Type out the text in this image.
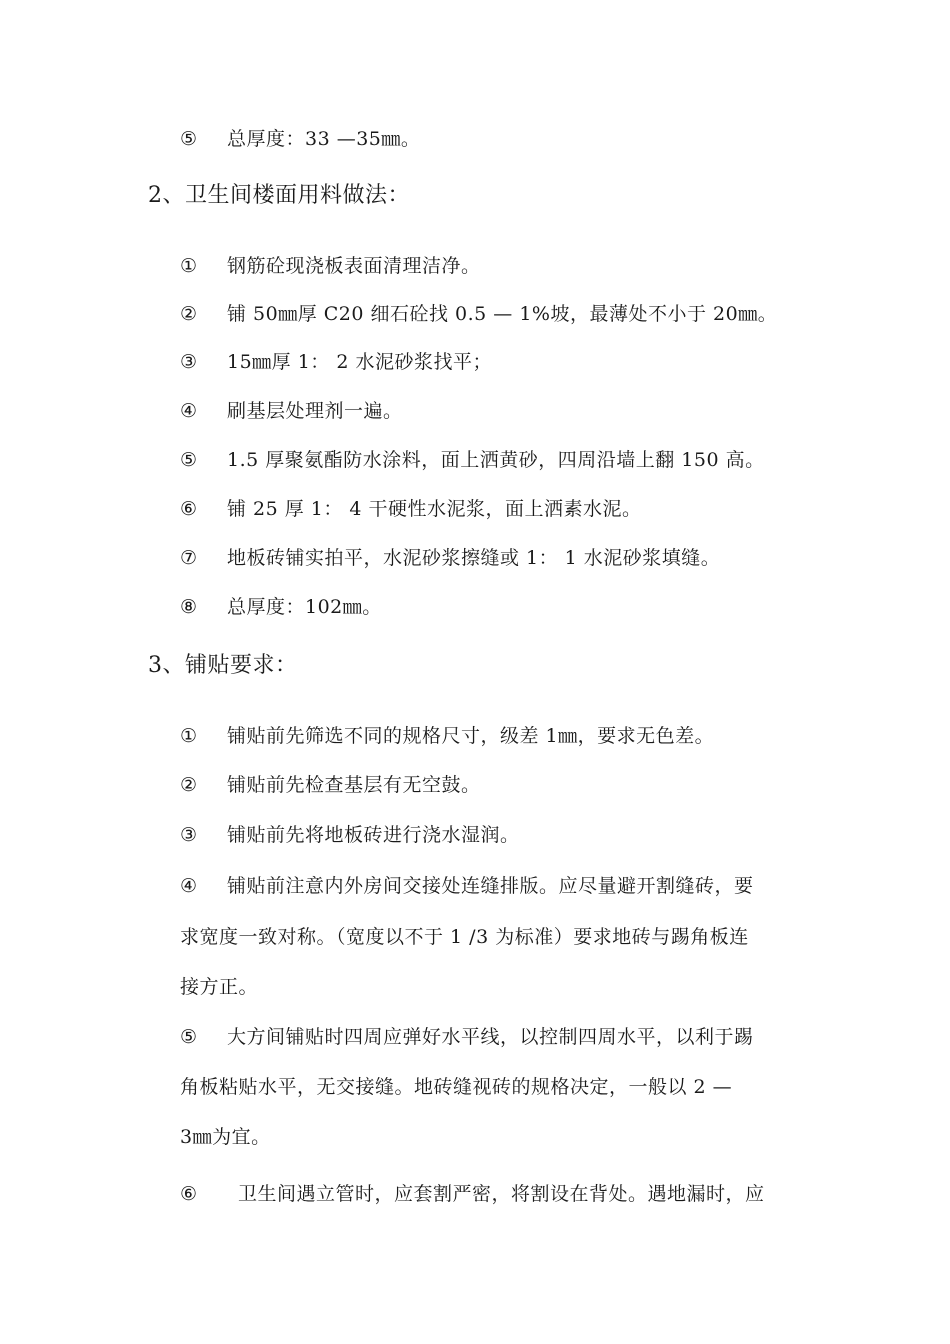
⑤ 总厚度：33 —35㎜。
2、卫生间楼面用料做法：
① 钢筋砼现浇板表面清理洁净。
② 铺 50㎜厚 C20 细石砼找 0.5 — 1%坡，最薄处不小于 20㎜。
③ 15㎜厚 1： 2 水泥砂浆找平；
④ 刷基层处理剂一遍。
⑤ 1.5 厚聚氨酯防水涂料，面上洒黄砂，四周沿墙上翻 150 高。
⑥ 铺 25 厚 1： 4 干硬性水泥浆，面上洒素水泥。
⑦ 地板砖铺实拍平，水泥砂浆擦缝或 1： 1 水泥砂浆填缝。
⑧ 总厚度：102㎜。
3、铺贴要求：
① 铺贴前先筛选不同的规格尺寸，级差 1㎜，要求无色差。
② 铺贴前先检查基层有无空鼓。
③ 铺贴前先将地板砖进行浇水湿润。
④ 铺贴前注意内外房间交接处连缝排版。应尽量避开割缝砖，要
求宽度一致对称。（宽度以不于 1 /3 为标准）要求地砖与踢角板连
接方正。
⑤ 大方间铺贴时四周应弹好水平线，以控制四周水平，以利于踢
角板粘贴水平，无交接缝。地砖缝视砖的规格决定，一般以 2 —
3㎜为宜。
⑥ 卫生间遇立管时，应套割严密，将割设在背处。遇地漏时，应
